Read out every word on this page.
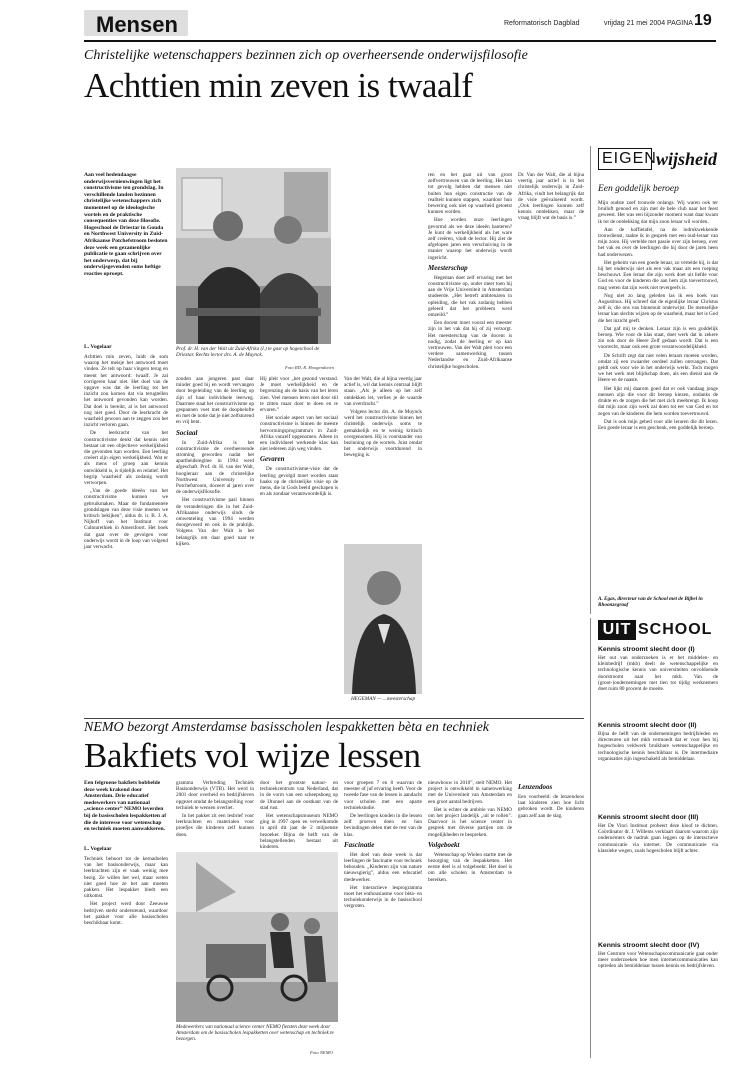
Mensen	Reformatorisch Dagblad	vrijdag 21 mei 2004 PAGINA 19
Christelijke wetenschappers bezinnen zich op overheersende onderwijsfilosofie
Achttien min zeven is twaalf
Aan veel hedendaagse onderwijsvernieuwingen ligt het constructivisme ten grondslag. In verschillende landen bezinnen christelijke wetenschappers zich momenteel op de ideologische wortels en de praktische consequenties van deze filosofie. Hogeschool de Driestar in Gouda en Northwest University in Zuid-Afrikaanse Potchefstroom besloten deze week een gezamenlijke publicatie te gaan schrijven over het onderwerp, dat bij onderwijsgevenden soms heftige reacties oproept.
L. Vogelaar

Achttien min zeven, luidt de som waarop het meisje het antwoord moet vinden. Ze telt op haar vingers terug en meent het antwoord: twaalf. Je zal corrigeren haar niet. Het doel van de opgave was dat de leerling tot het inzicht zou komen dat via terugtellen het antwoord gevonden kan worden. Dat doel is bereikt, al is het antwoord nog niet goed. Door de leerkracht de waarheid gewoon aan te zeggen zou het inzicht verloren gaan.

De leerkracht van het constructivisme denkt dat kennis niet bestaat uit een objectieve werkelijkheid die gevonden kan worden. Een leerling creëert zijn eigen werkelijkheid. Wat er als mens of groep aan kennis ontwikkeld is, is tijdelijk en relatief. Het begrip 'waarheid' als zodanig wordt verworpen.

„Van de goede ideeën van het constructivisme kunnen we gebruikmaken. Maar de fundamentele grondslagen van deze visie moeten we kritisch bekijken”, aldus dr. ir. B. J. A. Nijhoff van het Instituut voor Cultuurethiek in Amersfoort. Het boek dat gaat over de gevolgen voor onderwijs wordt in de loop van volgend jaar verwacht.

Prof. dr. H. van der Walt uit Zuid-Afrika (l.) te gast op hogeschool de Driestar. Rechts lector drs. A. de Muynck.
Foto RD, R. Hoogendoorn

zouden aan jongeren past daar minder goed bij en wordt vervangen door begeleiding van de leerling op zijn of haar individuele leerweg. Daarmee staat het constructivisme op gespannen voet met de doopbelofte en met de notie dat je niet zelfsturend en vrij bent.

Sociaal

In Zuid-Afrika is het constructivisme de overheersende stroming geworden nadat het apartheidsregime in 1994 werd afgeschaft. Prof. dr. H. van der Walt, hoogleraar aan de christelijke Northwest University in Potchefstroom, doceert al jaren over de onderwijsfilosofie.

Het constructivisme pasl binnen de veranderingen die in het Zuid-Afrikaanse onderwijs sinds de omwenteling van 1994 werden doorgevoerd en ook in de praktijk. Volgens Van der Walt is het belangrijk om daar goed naar te kijken.

Hij pleit voor „het gezond verstand. Je moet werkelijkheid en de begrenzing als de basis van het leren zien. Veel mensen leren niet door stil te zitten maar door te doen en te ervaren.”

Het sociale aspect van het sociaal constructivisme is binnen de meeste hervormingsprogramma's in Zuid-Afrika vanzelf opgenomen. Alleen in een individueel werkende klas kan niet iedereen zijn weg vinden.

Gevaren

De constructivisme-visie dat de leerling gevolgd moet worden staat haaks op de christelijke visie op de mens, die in Gods beeld geschapen is en als zondaar verantwoordelijk is.

Van der Walt, die al bijna veertig jaar actief is, wil dat kennis centraal blijft staan. „Als je alleen op het zelf ontdekken let, verlies je de waarde van overdracht.”

Volgens lector drs. A. de Muynck werd het constructivisme binnen het christelijk onderwijs soms te gemakkelijk en te weinig kritisch overgenomen. Hij is voorstander van bezinning op de wortels. Juist omdat het onderwijs voortdurend in beweging is.

HEGEMAN — ...meesterschap

ren en het gaat uit van groot zelfvertrouwen van de leerling. Het kan tot gevolg hebben dat mensen niet buiten hun eigen constructie van de realiteit kunnen stappen, waardoor hun bewering ook niet op waarheid getoetst kunnen worden.

Hoe worden onze leerlingen gevormd als we deze ideeën hanteren? Je kunt de werkelijkheid als het ware zelf creëren, vindt de lector. Hij ziet de afgelopen jaren een verschuiving in de manier waarop het onderwijs wordt ingericht.

Meesterschap

Hegeman doet zelf ervaring met het constructivisme op, onder meer toen hij aan de Vrije Universiteit in Amsterdam studeerde. „Het betreft ambtenaren in opleiding, die het vak zodanig hebben geleerd dat het probleem werd omzeild.”

Een docent moet vooral een meester zijn in het vak dat hij of zij verzorgt. Het meesterschap van de docent is nodig, zodat de leerling er op kan vertrouwen. Van der Walt pleit voor een verdere samenwerking tussen Nederlandse en Zuid-Afrikaanse christelijke hogescholen.

EIGEN wijsheid
Een goddelijk beroep

Mijn oudste zoef trouwde onlangs. Wij waren ook ter bruiloft genood en zijn met de hele club naar het feest geweest. Het was een bijzonder moment want daar kwam ik tot de ontdekking dat mijn zoon leraar wil worden.

Aan de koffietafel, na de indrukwekkende trouwdienst, raakte ik in gesprek met een oud-leraar van mijn zoon. Hij vertelde met passie over zijn beroep, over het vak en over de leerlingen die hij door de jaren heen had onderwezen.

Het geheim van een goede leraar, zo vertelde hij, is dat hij het onderwijs niet als een vak maar als een roeping beschouwt. Een leraar die zijn werk doet uit liefde voor God en voor de kinderen die aan hem zijn toevertrouwd, mag weten dat zijn werk niet tevergeefs is.

Nog niet zo lang geleden las ik een boek van Augustinus. Hij schreef dat de eigenlijke leraar Christus zelf is, die ons van binnenuit onderwijst. De menselijke leraar kan slechts wijzen op de waarheid, maar het is God die het inzicht geeft.

Dat gaf mij te denken. Leraar zijn is een goddelijk beroep. Wie voor de klas staat, doet werk dat in zekere zin ook door de Heere Zelf gedaan wordt. Dat is een voorrecht, maar ook een grote verantwoordelijkheid.

De Schrift zegt dat niet velen leraars moeten worden, omdat zij een zwaarder oordeel zullen ontvangen. Dat geldt ook voor wie in het onderwijs werkt. Toch mogen we het werk met blijdschap doen, als een dienst aan de Heere en de naaste.

Het lijkt mij daarom goed dat er ook vandaag jonge mensen zijn die voor dit beroep kiezen, ondanks de drukte en de zorgen die het met zich meebrengt. Ik hoop dat mijn zoon zijn werk zal doen tot eer van God en tot zegen van de kinderen die hem worden toevertrouwd.

Dat is ook mijn gebed voor alle leraren die dit lezen. Een goede leraar is een geschenk, een goddelijk beroep.

A. Egas, directeur van de School met de Bijbel in Rhoonzegraaf
UIT SCHOOL
Kennis stroomt slecht door (I)

Het nut van onderzoeken is er het middelen- en kleinbedrijf (mkb) deelt de wetenschappelijke en technologische kennis van universiteiten onvoldoende doorstroomt naar het mkb. Van de (groot-)ondernemingen met tien tot tijdig werknemers doet ruim 80 procent de moeite.

Kennis stroomt slecht door (II)

Bijna de helft van de ondernemingen bedrijfsleden en directeuren uit het mkb vermoedt dat er voor hen bij hogescholen veldwerk bruikbare wetenschappelijke en technologische kennis beschikbaar is. De intermediaire organisaties zijn ingeschakeld als bemiddelaar.

Kennis stroomt slecht door (III)

Het De Vinci Instituut probeert deze kloof te dichten. Coördinator dr. J. Willems verklaart daarom waarom zijn ondernemers de nadruk gaan leggen op de interactieve communicatie via internet. De communicatie via klassieke wegen, zoals hogescholen blijft achter.

Kennis stroomt slecht door (IV)

Het Centrum voor Wetenschapscommunicatie gaat onder meer onderzoeken hoe men internetcommunicaties kan optreden als bemiddelaar tussen kennis en bedrijfsleven.

NEMO bezorgt Amsterdamse basisscholen lespakketten bèta en techniek
Bakfiets vol wijze lessen
Een felgroene bakfiets bobbelde deze week krakend door Amsterdam. Drie educatief medewerkers van nationaal „science center” NEMO leverden bij de basisscholen lespakketten af die de interesse voor wetenschap en techniek moeten aanwakkeren.
L. Vogelaar

Techniek behoort tot de kernadoelen van het basisonderwijs, maar kan leerkrachten zijn er vaak weinig mee bezig. Ze willen het wel, maar weten niet goed hoe ze het aan moeten pakken. Het lespakket biedt een uitkomst.

Het project werd door Zeeuwse bedrijven sterkt ondersteund, waardoor het pakket voor alle basisscholen beschikbaar komt.

gramma Verbreding Techniek Basisonderwijs (VTB). Het werd in 2001 door overheid en bedrijfsleven opgezet omdat de belangstelling voor techniek te wensen overliet.

In het pakket zit een lesbrief voor leerkrachten en materialen voor proefjes die kinderen zelf kunnen doen.

door het grootste natuur- en techniekcentrum van Nederland, dat in de vorm van een scheepsboeg op de IJtunnel aan de oostkant van de stad rust.

Het wetenschapsmuseum NEMO ging in 1997 open en verwelkomde in april dit jaar de 2 miljoenste bezoeker. Bijna de helft van de belangstellenden bestaat uit kinderen.

Medewerkers van nationaal science center NEMO fietsten deze week door Amsterdam om de basisscholen lespakketten over wetenschap en techniek te bezorgen.
Foto NEMO

voor groepen 7 en 8 waarvan de meester of juf ervaring heeft. Voor de tweede fase van de lessen is aandacht voor scholen met een aparte techniekstudie.

De leerlingen konden in die lessen zelf proeven doen en hun bevindingen delen met de rest van de klas.

Fascinatie

Het doel van deze week is dat leerlingen de fascinatie voor techniek behouden. „Kinderen zijn van nature nieuwsgierig”, aldus een educatief medewerker.

Het interactieve lesprogramma moet het enthousiasme voor bèta- en techniekonderwijs in de basisschool vergroten.

nieuwbouw in 2010”, stelt NEMO. Het project is ontwikkeld in samenwerking met de Universiteit van Amsterdam en een groot aantal bedrijven.

Het is echter de ambitie van NEMO om het project landelijk „uit te rollen”. Daarvoor is het science center in gesprek met diverse partijen om de mogelijkheden te bespreken.

Volgeboekt

Wetenschap op Wielen startte met de bezorging van de lespakketten. Het eerste deel is al volgeboekt. Het doel is om alle scholen in Amsterdam te bereiken.

Lenzendoos

Een voorbeeld: de lenzendoos laat kinderen zien hoe licht gebroken wordt. De kinderen gaan zelf aan de slag.

Dr. Van der Walt, die al bijna veertig jaar actief is in het christelijk onderwijs in Zuid-Afrika, vindt het belangrijk dat de visie geëvalueerd wordt. „Ook leerlingen kunnen zelf kennis ontdekken, maar de vraag blijft wat de basis is.”
